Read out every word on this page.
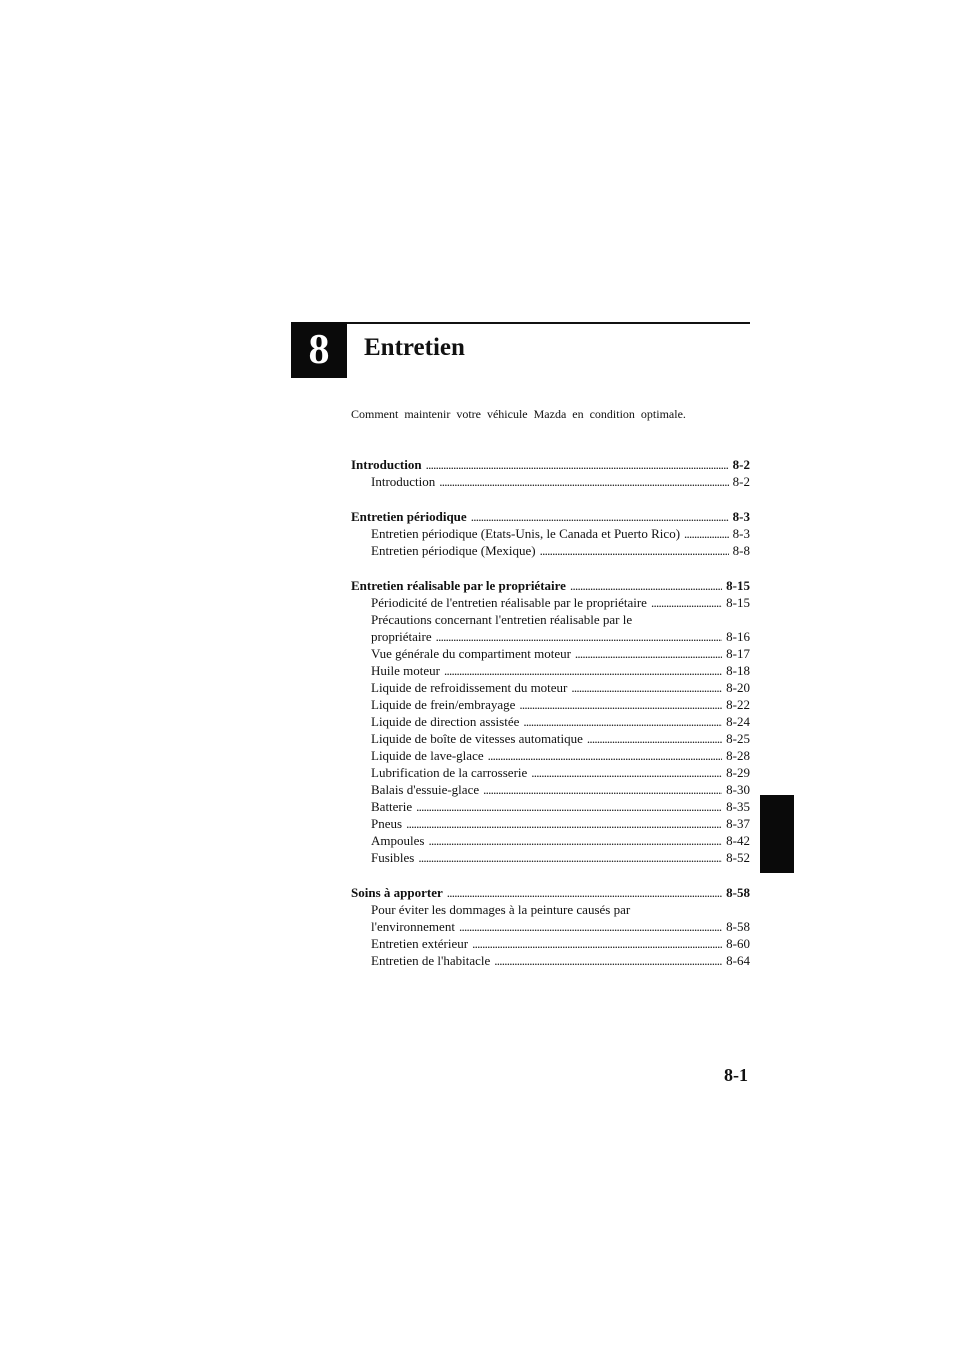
8 Entretien
Comment maintenir votre véhicule Mazda en condition optimale.
Introduction . . .	8-2
Introduction . . .	8-2
Entretien périodique . . .	8-3
Entretien périodique (Etats-Unis, le Canada et Puerto Rico) . . .	8-3
Entretien périodique (Mexique) . . .	8-8
Entretien réalisable par le propriétaire . . .	8-15
Périodicité de l'entretien réalisable par le propriétaire . . .	8-15
Précautions concernant l'entretien réalisable par le
propriétaire . . .	8-16
Vue générale du compartiment moteur . . .	8-17
Huile moteur . . .	8-18
Liquide de refroidissement du moteur . . .	8-20
Liquide de frein/embrayage . . .	8-22
Liquide de direction assistée . . .	8-24
Liquide de boîte de vitesses automatique . . .	8-25
Liquide de lave-glace . . .	8-28
Lubrification de la carrosserie . . .	8-29
Balais d'essuie-glace . . .	8-30
Batterie . . .	8-35
Pneus . . .	8-37
Ampoules . . .	8-42
Fusibles . . .	8-52
Soins à apporter . . .	8-58
Pour éviter les dommages à la peinture causés par
l'environnement . . .	8-58
Entretien extérieur . . .	8-60
Entretien de l'habitacle . . .	8-64
8-1
